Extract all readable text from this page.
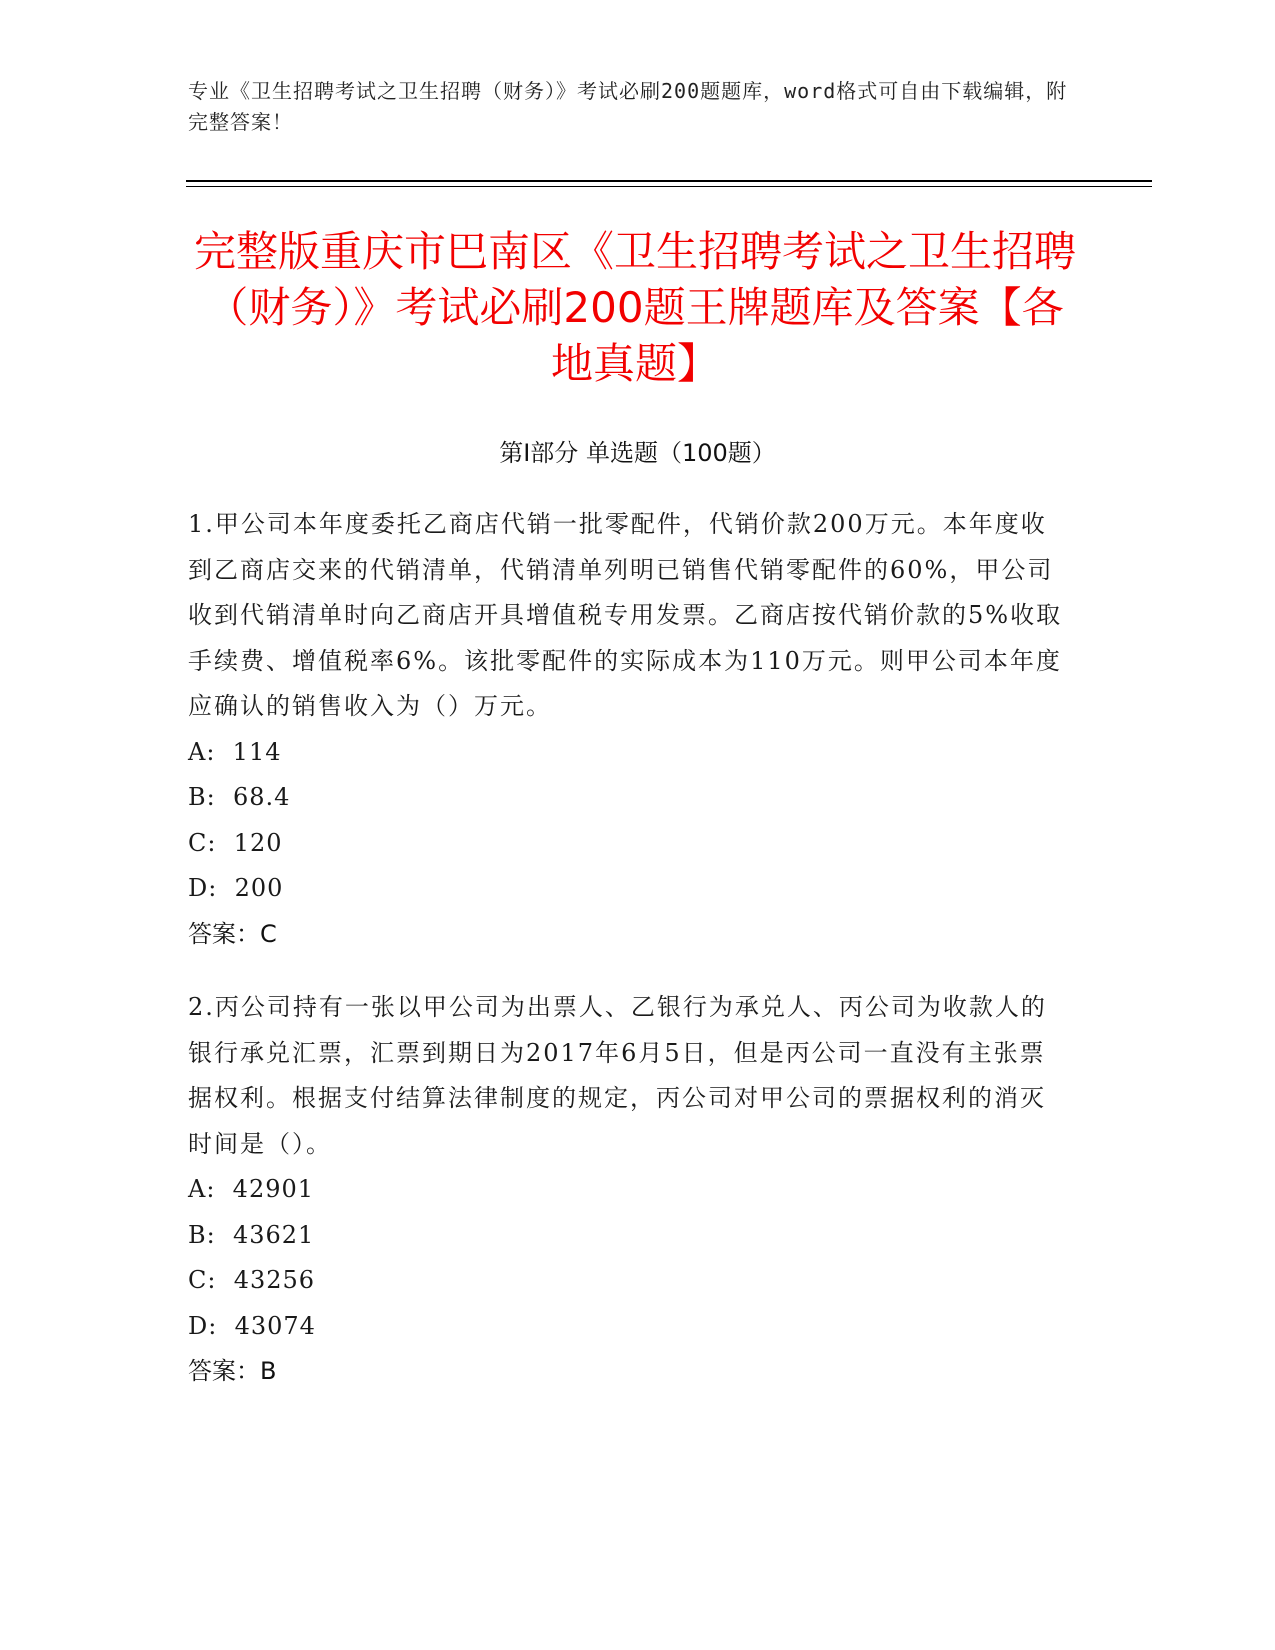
专业《卫生招聘考试之卫生招聘（财务）》考试必刷200题题库，word格式可自由下载编辑，附完整答案！
完整版重庆市巴南区《卫生招聘考试之卫生招聘（财务）》考试必刷200题王牌题库及答案【各地真题】
第Ⅰ部分 单选题（100题）

1.甲公司本年度委托乙商店代销一批零配件，代销价款200万元。本年度收到乙商店交来的代销清单，代销清单列明已销售代销零配件的60%，甲公司收到代销清单时向乙商店开具增值税专用发票。乙商店按代销价款的5%收取手续费、增值税率6%。该批零配件的实际成本为110万元。则甲公司本年度应确认的销售收入为（）万元。

A:  114
B:  68.4
C:  120
D:  200
答案：C

2.丙公司持有一张以甲公司为出票人、乙银行为承兑人、丙公司为收款人的银行承兑汇票，汇票到期日为2017年6月5日，但是丙公司一直没有主张票据权利。根据支付结算法律制度的规定，丙公司对甲公司的票据权利的消灭时间是（）。

A:  42901
B:  43621
C:  43256
D:  43074
答案：B
